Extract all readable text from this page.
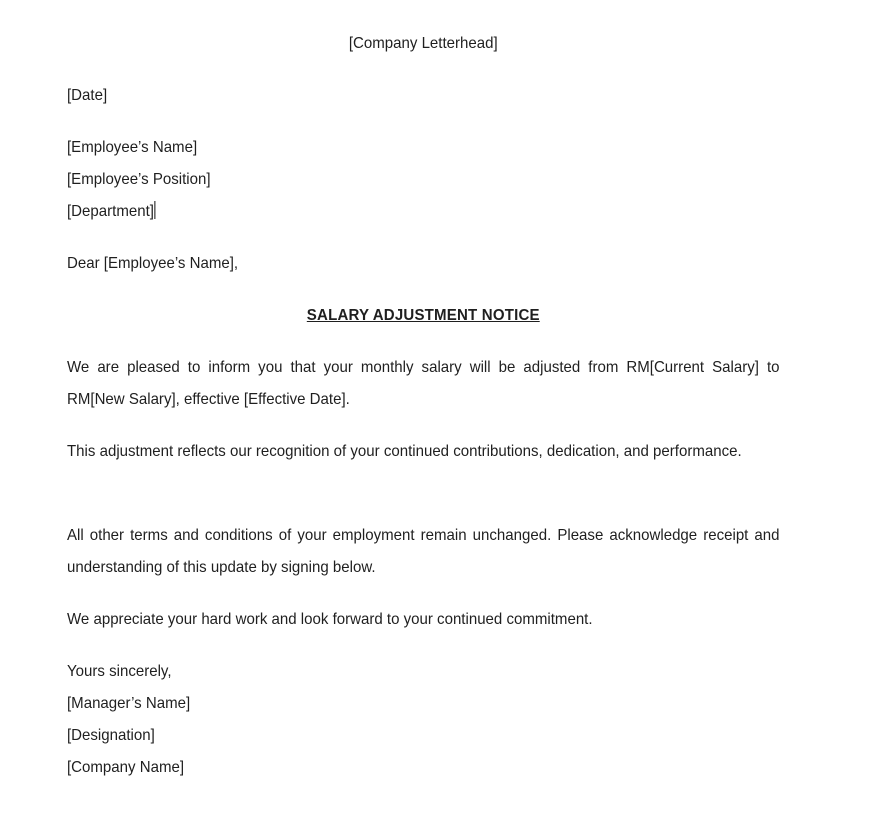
[Company Letterhead]
[Date]
[Employee’s Name]
[Employee’s Position]
[Department]
Dear [Employee’s Name],
SALARY ADJUSTMENT NOTICE
We are pleased to inform you that your monthly salary will be adjusted from RM[Current Salary] to RM[New Salary], effective [Effective Date].
This adjustment reflects our recognition of your continued contributions, dedication, and performance.
All other terms and conditions of your employment remain unchanged. Please acknowledge receipt and understanding of this update by signing below.
We appreciate your hard work and look forward to your continued commitment.
Yours sincerely,
[Manager’s Name]
[Designation]
[Company Name]
